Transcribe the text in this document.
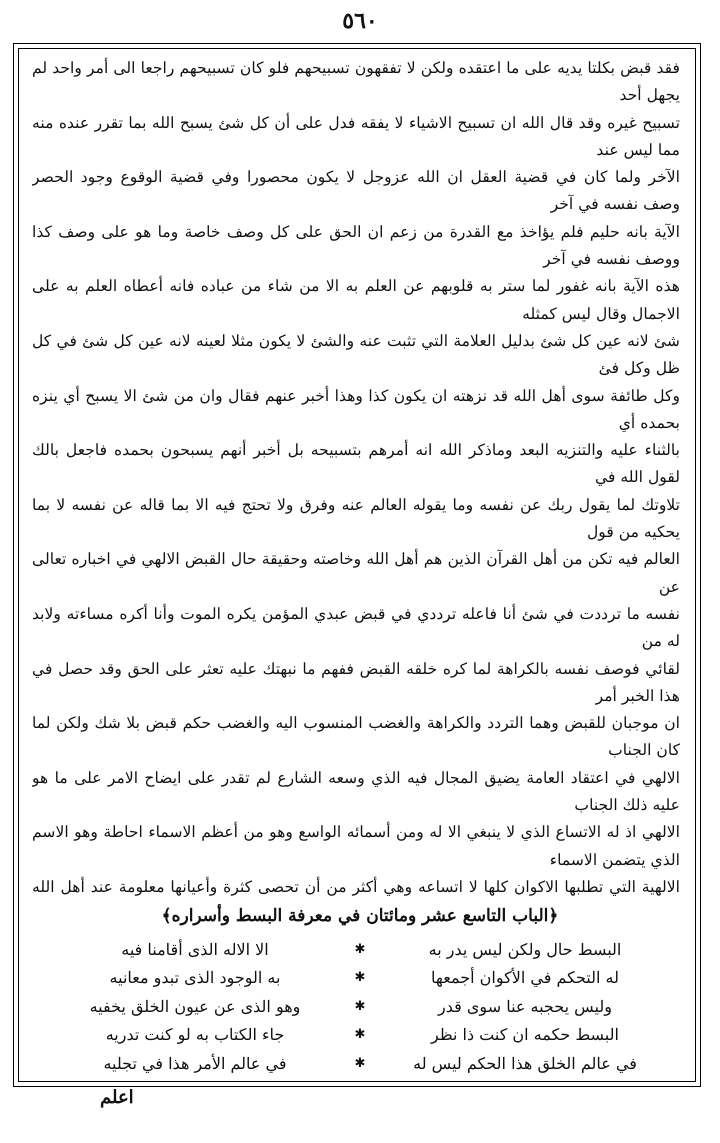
٥٦٠

فقد قبض بكلتا يديه على ما اعتقده ولكن لا تفقهون تسبيحهم فلو كان تسبيحهم راجعا الى أمر واحد لم يجهل أحد

تسبيح غيره وقد قال الله ان تسبيح الاشياء لا يفقه فدل على أن كل شئ يسبح الله بما تقرر عنده منه مما ليس عند

الآخر ولما كان في قضية العقل ان الله عزوجل لا يكون محصورا وفي قضية الوقوع وجود الحصر وصف نفسه في آخر

الآية بانه حليم فلم يؤاخذ مع القدرة من زعم ان الحق على كل وصف خاصة وما هو على وصف كذا ووصف نفسه في آخر

هذه الآية بانه غفور لما ستر به قلوبهم عن العلم به الا من شاء من عباده فانه أعطاه العلم به على الاجمال وقال ليس كمثله

شئ لانه عين كل شئ بدليل العلامة التي تثبت عنه والشئ لا يكون مثلا لعينه لانه عين كل شئ في كل ظل وكل فئ

وكل طائفة سوى أهل الله قد نزهته ان يكون كذا وهذا أخبر عنهم فقال وان من شئ الا يسبح أي ينزه بحمده أي

بالثناء عليه والتنزيه البعد وماذكر الله انه أمرهم بتسبيحه بل أخبر أنهم يسبحون بحمده فاجعل بالك لقول الله في

تلاوتك لما يقول ربك عن نفسه وما يقوله العالم عنه وفرق ولا تحتج فيه الا بما قاله عن نفسه لا بما يحكيه من قول

العالم فيه تكن من أهل القرآن الذين هم أهل الله وخاصته وحقيقة حال القبض الالهي في اخباره تعالى عن

نفسه ما ترددت في شئ أنا فاعله ترددي في قبض عبدي المؤمن يكره الموت وأنا أكره مساءته ولابد له من

لقائي فوصف نفسه بالكراهة لما كره خلقه القبض ففهم ما نبهتك عليه تعثر على الحق وقد حصل في هذا الخبر أمر

ان موجبان للقبض وهما التردد والكراهة والغضب المنسوب اليه والغضب حكم قبض بلا شك ولكن لما كان الجناب

الالهي في اعتقاد العامة يضيق المجال فيه الذي وسعه الشارع لم تقدر على ايضاح الامر على ما هو عليه ذلك الجناب

الالهي اذ له الاتساع الذي لا ينبغي الا له ومن أسمائه الواسع وهو من أعظم الاسماء احاطة وهو الاسم الذي يتضمن الاسماء

الالهية التي تطلبها الاكوان كلها لا اتساعه وهي أكثر من أن تحصى كثرة وأعيانها معلومة عند أهل الله

﴿الباب التاسع عشر ومائتان في معرفة البسط وأسراره﴾
البسط حال ولكن ليس يدر به
✱
الا الاله الذى أقامنا فيه
له التحكم في الأكوان أجمعها
✱
به الوجود الذى تبدو معانيه
وليس يحجبه عنا سوى قدر
✱
وهو الذى عن عيون الخلق يخفيه
البسط حكمه ان كنت ذا نظر
✱
جاء الكتاب به لو كنت تدريه
في عالم الخلق هذا الحكم ليس له
✱
في عالم الأمر هذا في تجليه
اعلم
